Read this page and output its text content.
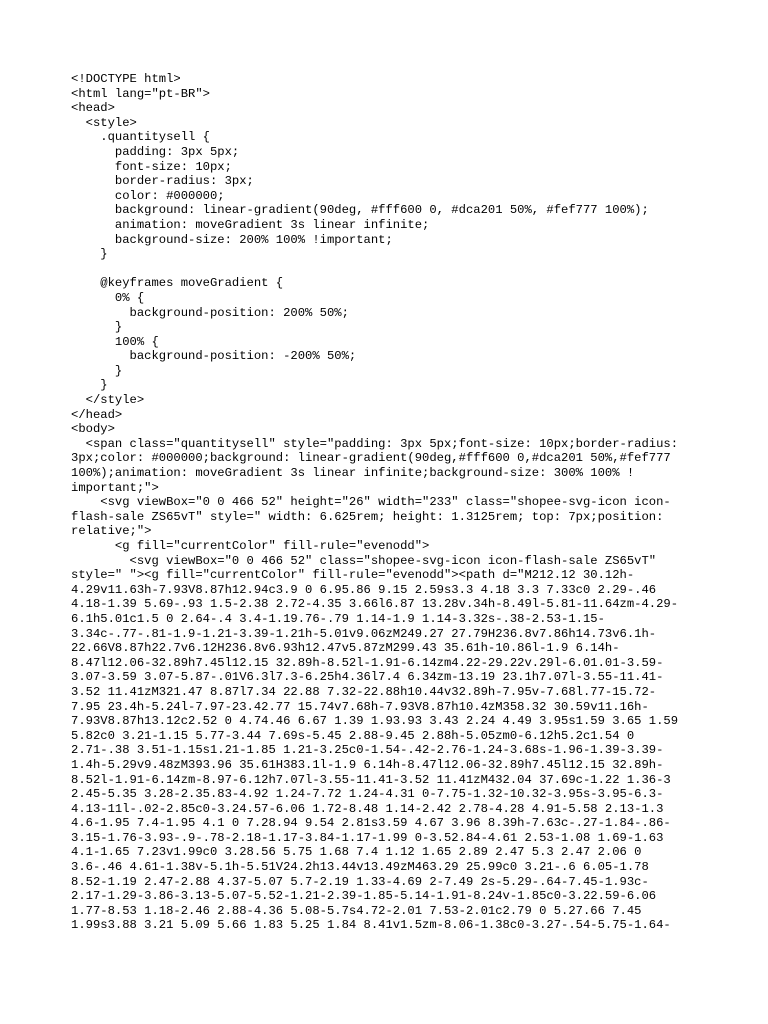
<!DOCTYPE html>
<html lang="pt-BR">
<head>
<style>
.quantitysell {
padding: 3px 5px;
font-size: 10px;
border-radius: 3px;
color: #000000;
background: linear-gradient(90deg, #fff600 0, #dca201 50%, #fef777 100%);
animation: moveGradient 3s linear infinite;
background-size: 200% 100% !important;
}
@keyframes moveGradient {
0% {
background-position: 200% 50%;
}
100% {
background-position: -200% 50%;
}
}
</style>
</head>
<body>
<span class="quantitysell" style="padding: 3px 5px;font-size: 10px;border-radius:
3px;color: #000000;background: linear-gradient(90deg,#fff600 0,#dca201 50%,#fef777
100%);animation: moveGradient 3s linear infinite;background-size: 300% 100% !
important;">
<svg viewBox="0 0 466 52" height="26" width="233" class="shopee-svg-icon icon-
flash-sale ZS65vT" style=" width: 6.625rem; height: 1.3125rem; top: 7px;position:
relative;">
<g fill="currentColor" fill-rule="evenodd">
<svg viewBox="0 0 466 52" class="shopee-svg-icon icon-flash-sale ZS65vT"
style=" "><g fill="currentColor" fill-rule="evenodd"><path d="M212.12 30.12h-
4.29v11.63h-7.93V8.87h12.94c3.9 0 6.95.86 9.15 2.59s3.3 4.18 3.3 7.33c0 2.29-.46
4.18-1.39 5.69-.93 1.5-2.38 2.72-4.35 3.66l6.87 13.28v.34h-8.49l-5.81-11.64zm-4.29-
6.1h5.01c1.5 0 2.64-.4 3.4-1.19.76-.79 1.14-1.9 1.14-3.32s-.38-2.53-1.15-
3.34c-.77-.81-1.9-1.21-3.39-1.21h-5.01v9.06zM249.27 27.79H236.8v7.86h14.73v6.1h-
22.66V8.87h22.7v6.12H236.8v6.93h12.47v5.87zM299.43 35.61h-10.86l-1.9 6.14h-
8.47l12.06-32.89h7.45l12.15 32.89h-8.52l-1.91-6.14zm4.22-29.22v.29l-6.01.01-3.59-
3.07-3.59 3.07-5.87-.01V6.3l7.3-6.25h4.36l7.4 6.34zm-13.19 23.1h7.07l-3.55-11.41-
3.52 11.41zM321.47 8.87l7.34 22.88 7.32-22.88h10.44v32.89h-7.95v-7.68l.77-15.72-
7.95 23.4h-5.24l-7.97-23.42.77 15.74v7.68h-7.93V8.87h10.4zM358.32 30.59v11.16h-
7.93V8.87h13.12c2.52 0 4.74.46 6.67 1.39 1.93.93 3.43 2.24 4.49 3.95s1.59 3.65 1.59
5.82c0 3.21-1.15 5.77-3.44 7.69s-5.45 2.88-9.45 2.88h-5.05zm0-6.12h5.2c1.54 0
2.71-.38 3.51-1.15s1.21-1.85 1.21-3.25c0-1.54-.42-2.76-1.24-3.68s-1.96-1.39-3.39-
1.4h-5.29v9.48zM393.96 35.61H383.1l-1.9 6.14h-8.47l12.06-32.89h7.45l12.15 32.89h-
8.52l-1.91-6.14zm-8.97-6.12h7.07l-3.55-11.41-3.52 11.41zM432.04 37.69c-1.22 1.36-3
2.45-5.35 3.28-2.35.83-4.92 1.24-7.72 1.24-4.31 0-7.75-1.32-10.32-3.95s-3.95-6.3-
4.13-11l-.02-2.85c0-3.24.57-6.06 1.72-8.48 1.14-2.42 2.78-4.28 4.91-5.58 2.13-1.3
4.6-1.95 7.4-1.95 4.1 0 7.28.94 9.54 2.81s3.59 4.67 3.96 8.39h-7.63c-.27-1.84-.86-
3.15-1.76-3.93-.9-.78-2.18-1.17-3.84-1.17-1.99 0-3.52.84-4.61 2.53-1.08 1.69-1.63
4.1-1.65 7.23v1.99c0 3.28.56 5.75 1.68 7.4 1.12 1.65 2.89 2.47 5.3 2.47 2.06 0
3.6-.46 4.61-1.38v-5.1h-5.51V24.2h13.44v13.49zM463.29 25.99c0 3.21-.6 6.05-1.78
8.52-1.19 2.47-2.88 4.37-5.07 5.7-2.19 1.33-4.69 2-7.49 2s-5.29-.64-7.45-1.93c-
2.17-1.29-3.86-3.13-5.07-5.52-1.21-2.39-1.85-5.14-1.91-8.24v-1.85c0-3.22.59-6.06
1.77-8.53 1.18-2.46 2.88-4.36 5.08-5.7s4.72-2.01 7.53-2.01c2.79 0 5.27.66 7.45
1.99s3.88 3.21 5.09 5.66 1.83 5.25 1.84 8.41v1.5zm-8.06-1.38c0-3.27-.54-5.75-1.64-
